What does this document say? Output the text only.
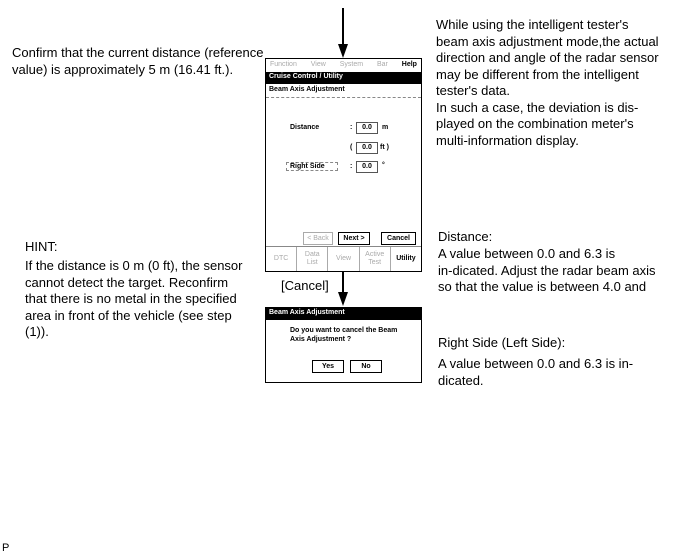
Confirm that the current distance (reference
value) is approximately 5 m (16.41 ft.).
While using the intelligent tester's
beam axis adjustment mode,the actual
direction and angle of the radar sensor
may be different from the intelligent
tester's data.
In such a case, the deviation is dis-
played on the combination meter's
multi-information display.
HINT:
If the distance is 0 m (0 ft), the sensor
cannot detect the target. Reconfirm
that there is no metal in the specified
area in front of the vehicle (see step
(1)).
Distance:
A value between 0.0 and 6.3 is
in-dicated. Adjust the radar beam axis
so that the value is between 4.0 and
Right Side (Left Side):
A value between 0.0 and 6.3 is in-
dicated.
P
[Cancel]
Function View System Bar Help
Cruise Control / Utility
Beam Axis Adjustment
Distance	:	0.0	m
(	0.0	ft )
Right Side	:	0.0	°
< Back	Next >	Cancel
DTC
Data
List
View
Active
Test
Utility
Beam Axis Adjustment
Do you want to cancel the Beam
Axis Adjustment ?
Yes	No
